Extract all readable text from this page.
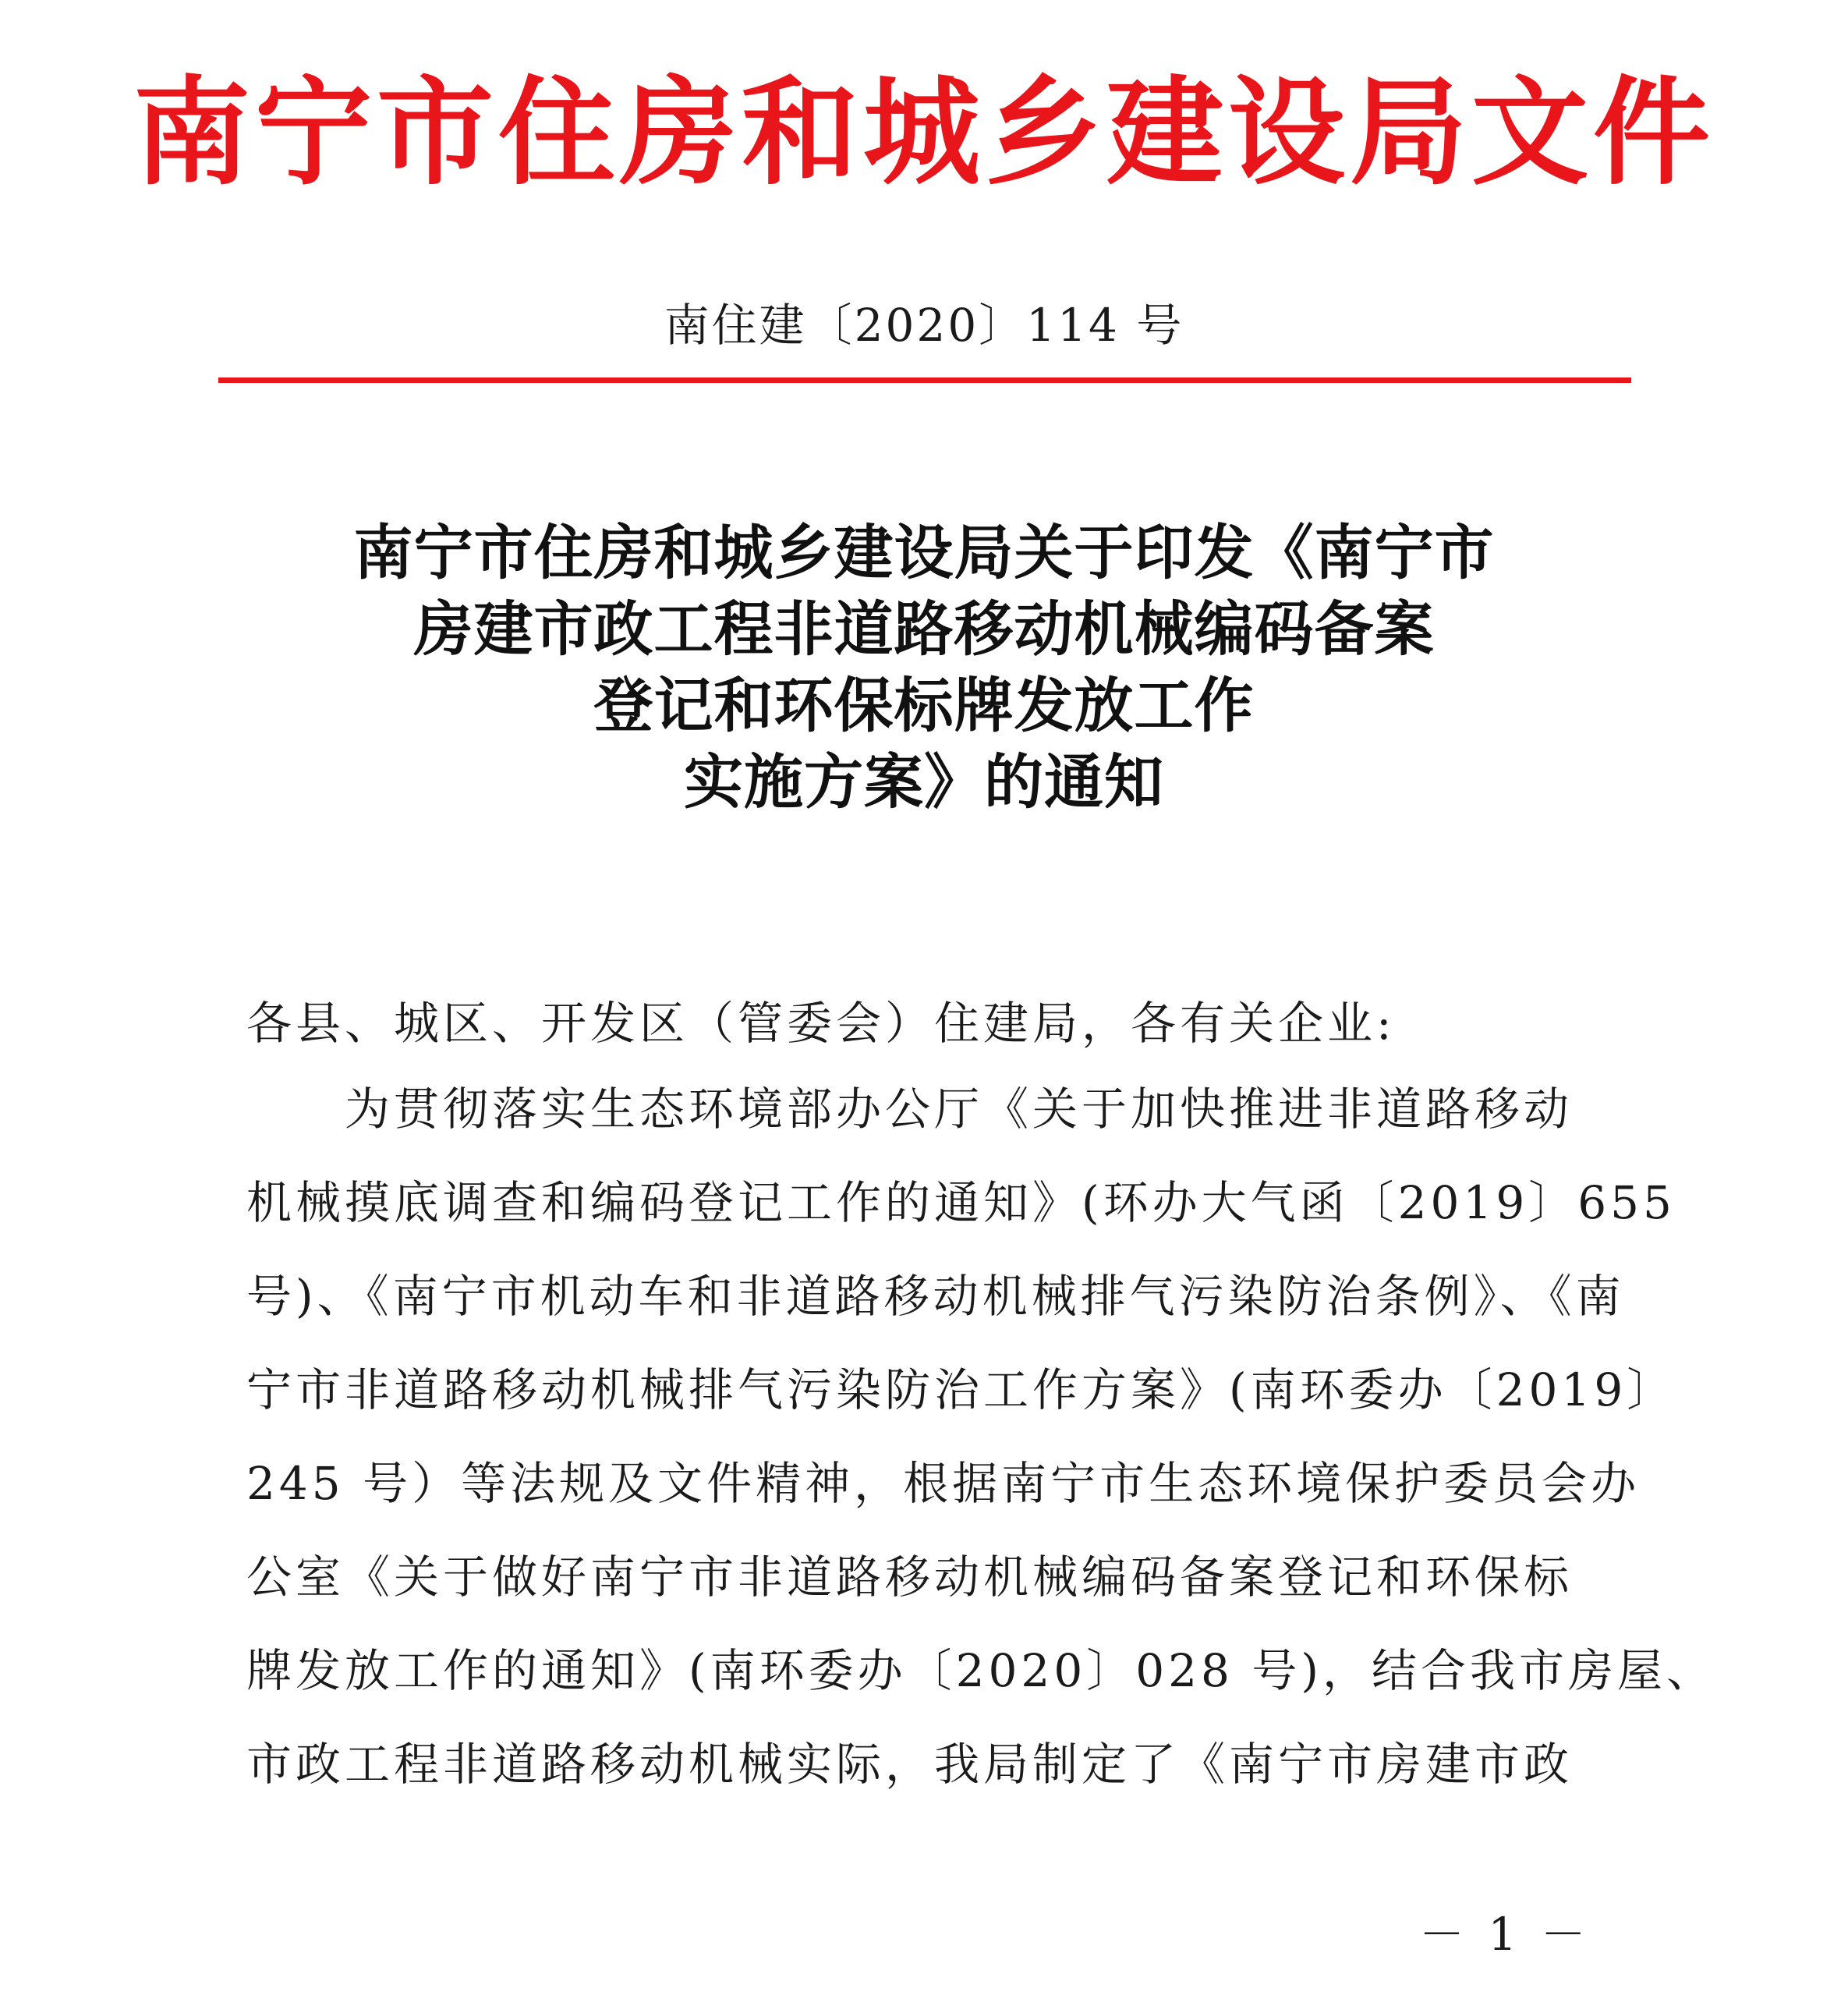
南宁市住房和城乡建设局文件
南住建〔2020〕114 号
南宁市住房和城乡建设局关于印发《南宁市
房建市政工程非道路移动机械编码备案
登记和环保标牌发放工作
实施方案》的通知
各县、城区、开发区（管委会）住建局，各有关企业:
为贯彻落实生态环境部办公厅《关于加快推进非道路移动
机械摸底调查和编码登记工作的通知》(环办大气函〔2019〕655
号)、《南宁市机动车和非道路移动机械排气污染防治条例》、《南
宁市非道路移动机械排气污染防治工作方案》(南环委办〔2019〕
245 号）等法规及文件精神，根据南宁市生态环境保护委员会办
公室《关于做好南宁市非道路移动机械编码备案登记和环保标
牌发放工作的通知》(南环委办〔2020〕028 号)，结合我市房屋、
市政工程非道路移动机械实际，我局制定了《南宁市房建市政
－ 1 －
